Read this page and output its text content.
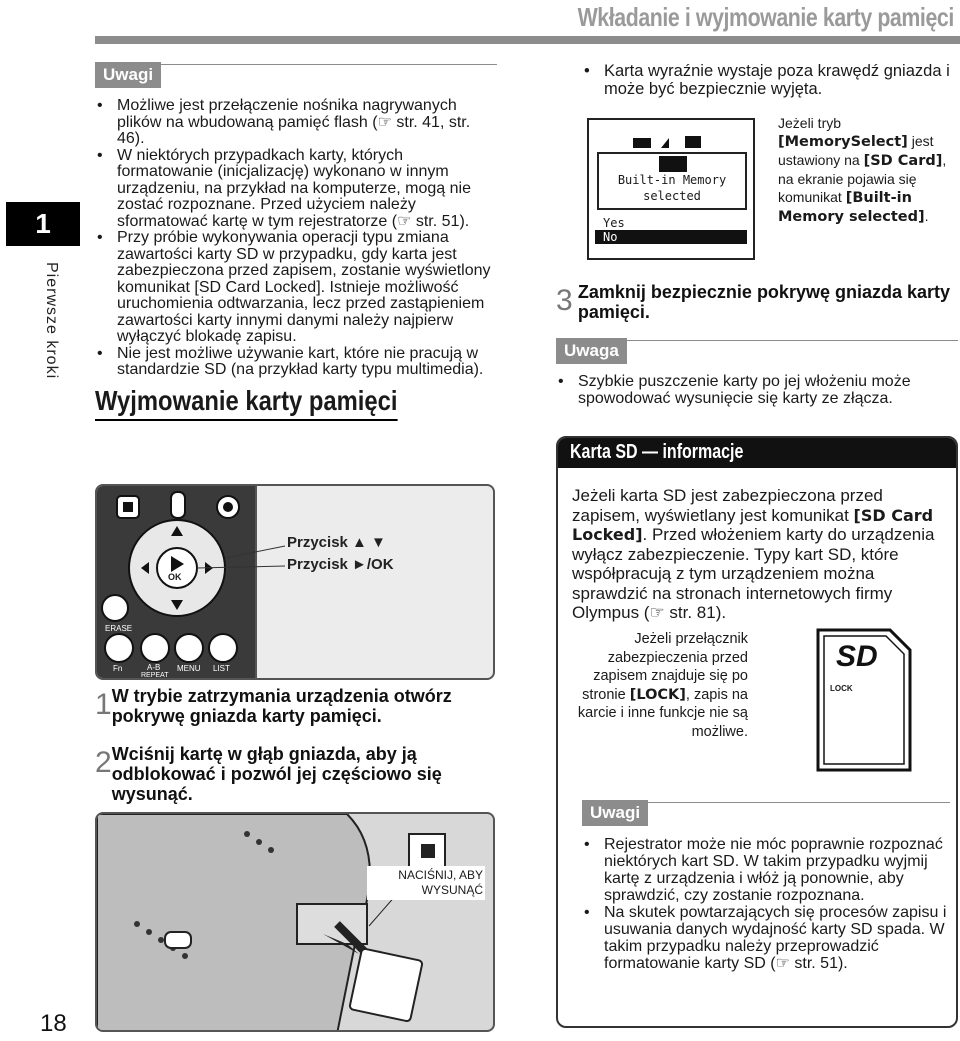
Wkładanie i wyjmowanie karty pamięci
1
Pierwsze kroki
18
Uwagi
• Możliwe jest przełączenie nośnika nagrywanych plików na wbudowaną pamięć flash (☞ str. 41, str. 46).
• W niektórych przypadkach karty, których formatowanie (inicjalizację) wykonano w innym urządzeniu, na przykład na komputerze, mogą nie zostać rozpoznane. Przed użyciem należy sformatować kartę w tym rejestratorze (☞ str. 51).
• Przy próbie wykonywania operacji typu zmiana zawartości karty SD w przypadku, gdy karta jest zabezpieczona przed zapisem, zostanie wyświetlony komunikat [SD Card Locked]. Istnieje możliwość uruchomienia odtwarzania, lecz przed zastąpieniem zawartości karty innymi danymi należy najpierw wyłączyć blokadę zapisu.
• Nie jest możliwe używanie kart, które nie pracują w standardzie SD (na przykład karty typu multimedia).
Wyjmowanie karty pamięci
OK
ERASE
Fn	A-B
REPEAT
MENU LIST
Przycisk ▲ ▼
Przycisk ►/OK
1 W trybie zatrzymania urządzenia otwórz pokrywę gniazda karty pamięci.
2 Wciśnij kartę w głąb gniazda, aby ją odblokować i pozwól jej częściowo się wysunąć.
NACIŚNIJ, ABY WYSUNĄĆ
• Karta wyraźnie wystaje poza krawędź gniazda i może być bezpiecznie wyjęta.
Built-in Memory
selected
Yes
No
Jeżeli tryb [MemorySelect] jest ustawiony na [SD Card], na ekranie pojawia się komunikat [Built-in Memory selected].
3 Zamknij bezpiecznie pokrywę gniazda karty pamięci.
Uwaga
• Szybkie puszczenie karty po jej włożeniu może spowodować wysunięcie się karty ze złącza.
Karta SD — informacje
Jeżeli karta SD jest zabezpieczona przed zapisem, wyświetlany jest komunikat [SD Card Locked]. Przed włożeniem karty do urządzenia wyłącz zabezpieczenie. Typy kart SD, które współpracują z tym urządzeniem można sprawdzić na stronach internetowych firmy Olympus (☞ str. 81).
Jeżeli przełącznik zabezpieczenia przed zapisem znajduje się po stronie [LOCK], zapis na karcie i inne funkcje nie są możliwe.
SD
LOCK
Uwagi
• Rejestrator może nie móc poprawnie rozpoznać niektórych kart SD. W takim przypadku wyjmij kartę z urządzenia i włóż ją ponownie, aby sprawdzić, czy zostanie rozpoznana.
• Na skutek powtarzających się procesów zapisu i usuwania danych wydajność karty SD spada. W takim przypadku należy przeprowadzić formatowanie karty SD (☞ str. 51).
